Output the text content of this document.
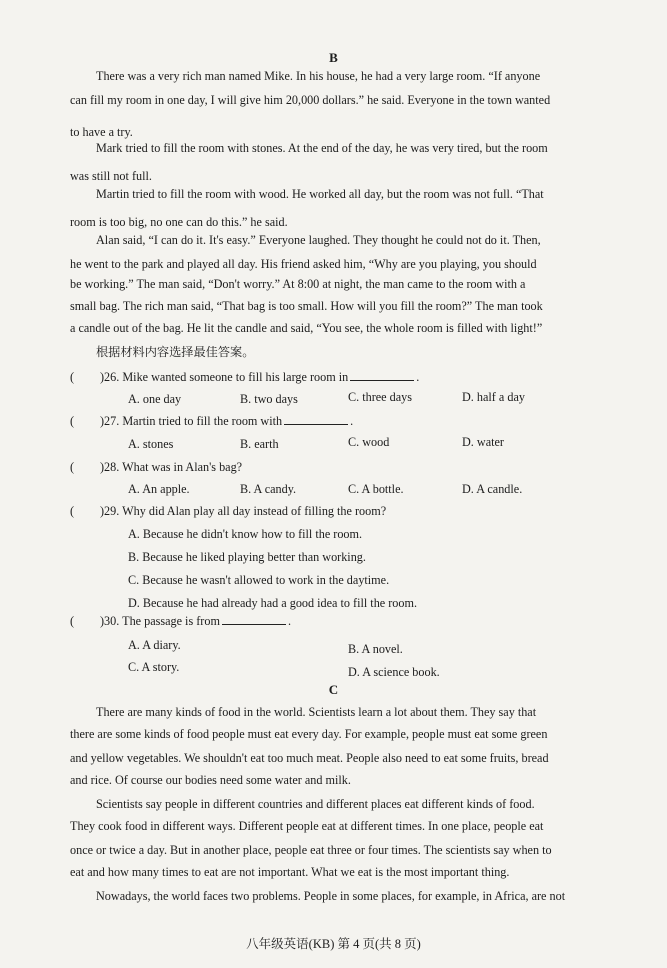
B
There was a very rich man named Mike. In his house, he had a very large room. “If anyone
can fill my room in one day, I will give him 20,000 dollars.” he said. Everyone in the town wanted
to have a try.
Mark tried to fill the room with stones. At the end of the day, he was very tired, but the room
was still not full.
Martin tried to fill the room with wood. He worked all day, but the room was not full. “That
room is too big, no one can do this.” he said.
Alan said, “I can do it. It's easy.” Everyone laughed. They thought he could not do it. Then,
he went to the park and played all day. His friend asked him, “Why are you playing, you should
be working.” The man said, “Don't worry.” At 8:00 at night, the man came to the room with a
small bag. The rich man said, “That bag is too small. How will you fill the room?” The man took
a candle out of the bag. He lit the candle and said, “You see, the whole room is filled with light!”
根据材料内容选择最佳答案。
( )26. Mike wanted someone to fill his large room in	.
A. one day	B. two days	C. three days	D. half a day
( )27. Martin tried to fill the room with	.
A. stones	B. earth	C. wood	D. water
( )28. What was in Alan's bag?
A. An apple.	B. A candy.	C. A bottle.	D. A candle.
( )29. Why did Alan play all day instead of filling the room?
A. Because he didn't know how to fill the room.
B. Because he liked playing better than working.
C. Because he wasn't allowed to work in the daytime.
D. Because he had already had a good idea to fill the room.
( )30. The passage is from	.
A. A diary.	B. A novel.
C. A story.	D. A science book.
C
There are many kinds of food in the world. Scientists learn a lot about them. They say that
there are some kinds of food people must eat every day. For example, people must eat some green
and yellow vegetables. We shouldn't eat too much meat. People also need to eat some fruits, bread
and rice. Of course our bodies need some water and milk.
Scientists say people in different countries and different places eat different kinds of food.
They cook food in different ways. Different people eat at different times. In one place, people eat
once or twice a day. But in another place, people eat three or four times. The scientists say when to
eat and how many times to eat are not important. What we eat is the most important thing.
Nowadays, the world faces two problems. People in some places, for example, in Africa, are not
八年级英语(KB) 第 4 页(共 8 页)
